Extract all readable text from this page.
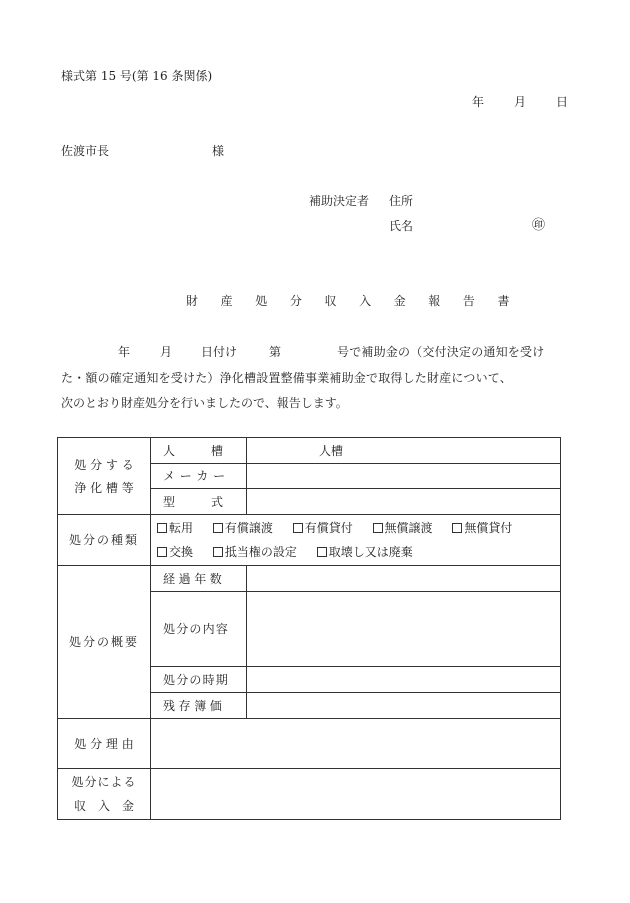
様式第 15 号(第 16 条関係)
年 月 日
佐渡市長	様
補助決定者 住所
氏名	㊞
財 産 処 分 収 入 金 報 告 書
年 月 日付け	第	号で補助金の（交付決定の通知を受け
た・額の確定通知を受けた）浄化槽設置整備事業補助金で取得した財産について、
次のとおり財産処分を行いましたので、報告します。
処 分 す る
浄 化 槽 等	人　　　槽	人槽
	メーカー	
	型　　　式	
処分の種類	転用 有償譲渡 有償貸付 無償譲渡 無償貸付
交換 抵当権の設定 取壊し又は廃棄	

処分の概要	経過年数	
	処分の内容	
	処分の時期	
	残存簿価	
処 分 理 由		

処分による
収　入　金		
